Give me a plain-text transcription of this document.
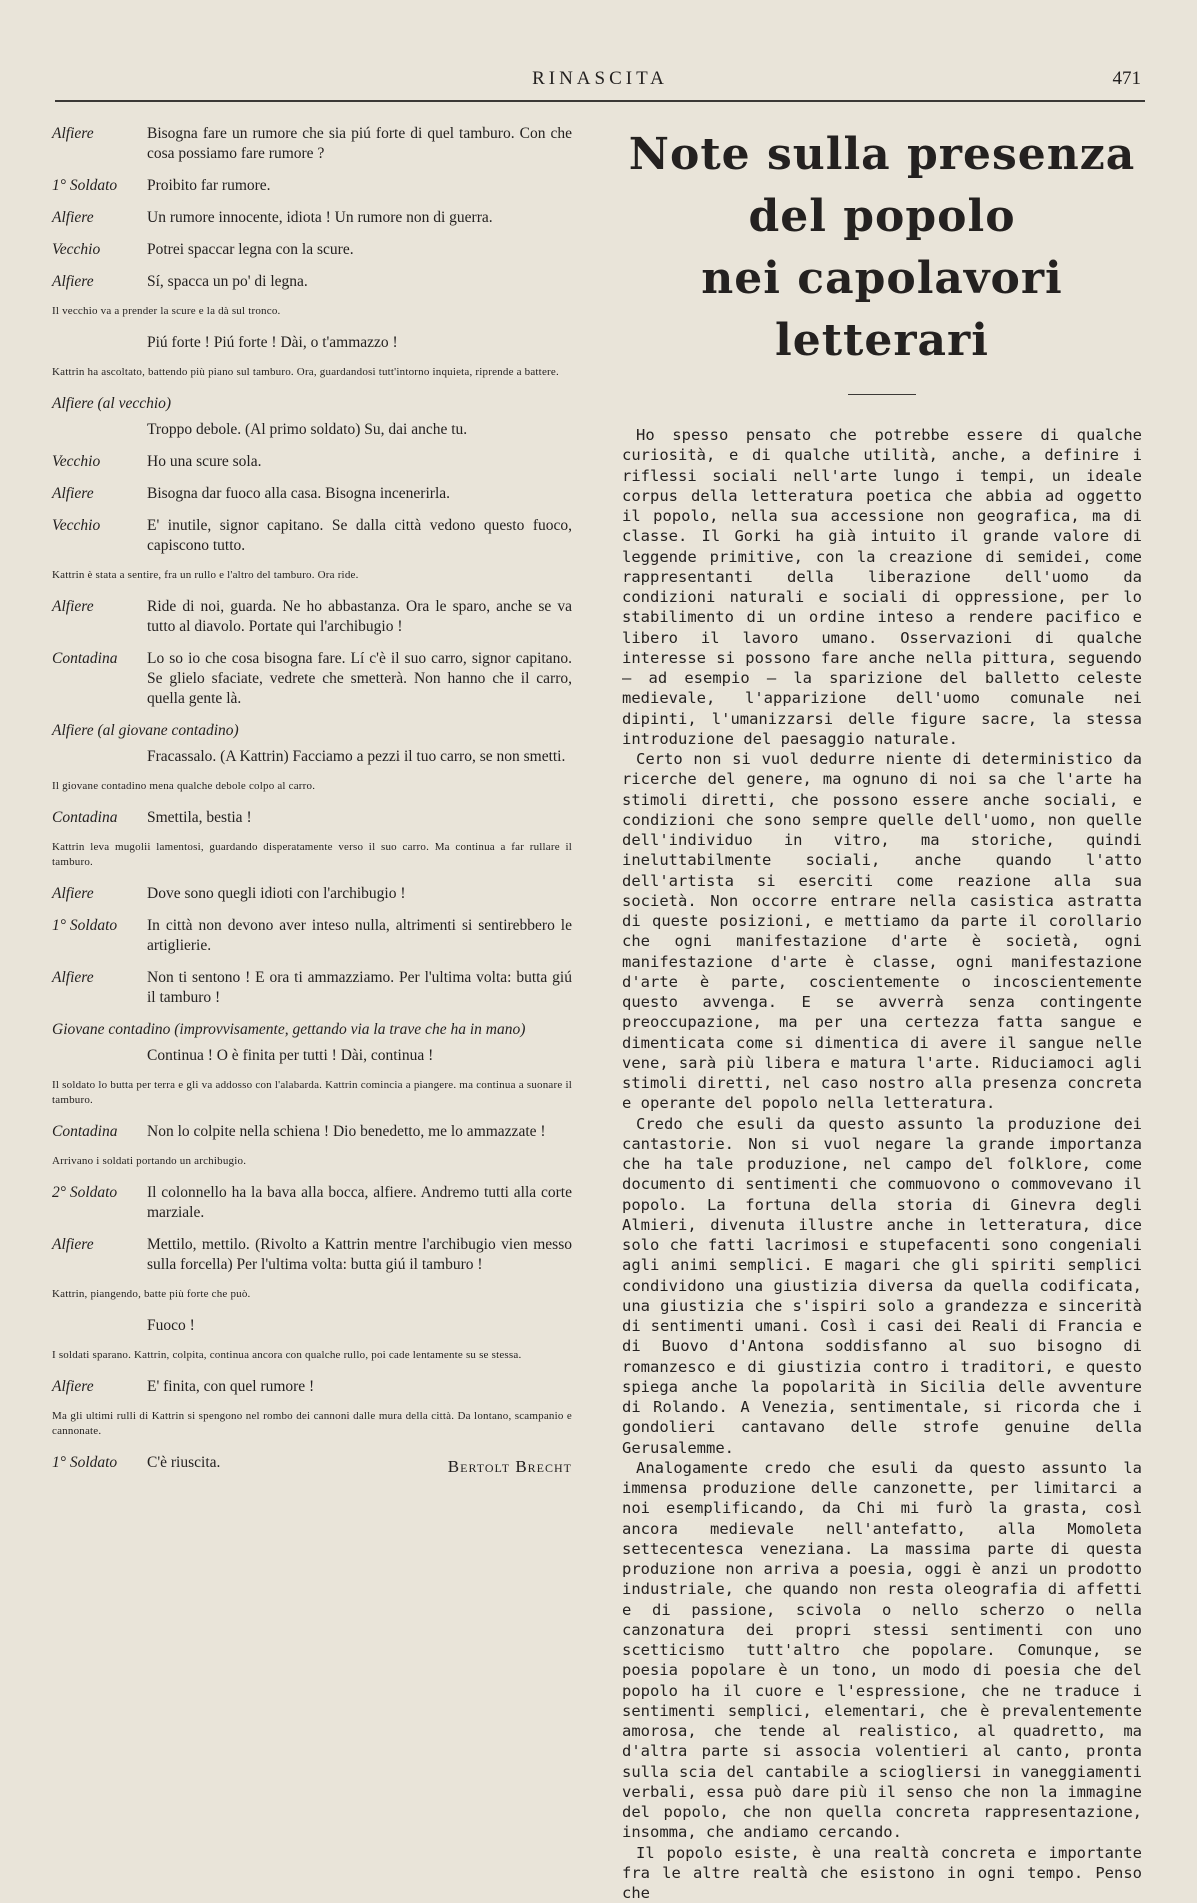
RINASCITA	471
Alfiere	Bisogna fare un rumore che sia piú forte di quel tamburo. Con che cosa possiamo fare rumore ?
1° Soldato	Proibito far rumore.
Alfiere	Un rumore innocente, idiota ! Un rumore non di guerra.
Vecchio	Potrei spaccar legna con la scure.
Alfiere	Sí, spacca un po' di legna.
Il vecchio va a prender la scure e la dà sul tronco.
Piú forte ! Piú forte ! Dài, o t'ammazzo !
Kattrin ha ascoltato, battendo più piano sul tamburo. Ora, guardandosi tutt'intorno inquieta, riprende a battere.
Alfiere (al vecchio)
Troppo debole. (Al primo soldato) Su, dai anche tu.
Vecchio	Ho una scure sola.
Alfiere	Bisogna dar fuoco alla casa. Bisogna incenerirla.
Vecchio	E' inutile, signor capitano. Se dalla città vedono questo fuoco, capiscono tutto.
Kattrin è stata a sentire, fra un rullo e l'altro del tamburo. Ora ride.
Alfiere	Ride di noi, guarda. Ne ho abbastanza. Ora le sparo, anche se va tutto al diavolo. Portate qui l'archibugio !
Contadina	Lo so io che cosa bisogna fare. Lí c'è il suo carro, signor capitano. Se glielo sfaciate, vedrete che smetterà. Non hanno che il carro, quella gente là.
Alfiere (al giovane contadino)
Fracassalo. (A Kattrin) Facciamo a pezzi il tuo carro, se non smetti.
Il giovane contadino mena qualche debole colpo al carro.
Contadina	Smettila, bestia !
Kattrin leva mugolii lamentosi, guardando disperatamente verso il suo carro. Ma continua a far rullare il tamburo.
Alfiere	Dove sono quegli idioti con l'archibugio !
1° Soldato	In città non devono aver inteso nulla, altrimenti si sentirebbero le artiglierie.
Alfiere	Non ti sentono ! E ora ti ammazziamo. Per l'ultima volta: butta giú il tamburo !
Giovane contadino (improvvisamente, gettando via la trave che ha in mano)
Continua ! O è finita per tutti ! Dài, continua !
Il soldato lo butta per terra e gli va addosso con l'alabarda. Kattrin comincia a piangere. ma continua a suonare il tamburo.
Contadina	Non lo colpite nella schiena ! Dio benedetto, me lo ammazzate !
Arrivano i soldati portando un archibugio.
2° Soldato	Il colonnello ha la bava alla bocca, alfiere. Andremo tutti alla corte marziale.
Alfiere	Mettilo, mettilo. (Rivolto a Kattrin mentre l'archibugio vien messo sulla forcella) Per l'ultima volta: butta giú il tamburo !
Kattrin, piangendo, batte più forte che può.
Fuoco !
I soldati sparano. Kattrin, colpita, continua ancora con qualche rullo, poi cade lentamente su se stessa.
Alfiere	E' finita, con quel rumore !
Ma gli ultimi rulli di Kattrin si spengono nel rombo dei cannoni dalle mura della città. Da lontano, scampanio e cannonate.
1° Soldato	C'è riuscita.	Bertolt Brecht
Note sulla presenza
del popolo
nei capolavori letterari

Ho spesso pensato che potrebbe essere di qualche curiosità, e di qualche utilità, anche, a definire i riflessi sociali nell'arte lungo i tempi, un ideale corpus della letteratura poetica che abbia ad oggetto il popolo, nella sua accessione non geografica, ma di classe. Il Gorki ha già intuito il grande valore di leggende primitive, con la creazione di semidei, come rappresentanti della liberazione dell'uomo da condizioni naturali e sociali di oppressione, per lo stabilimento di un ordine inteso a rendere pacifico e libero il lavoro umano. Osservazioni di qualche interesse si possono fare anche nella pittura, seguendo — ad esempio — la sparizione del balletto celeste medievale, l'apparizione dell'uomo comunale nei dipinti, l'umanizzarsi delle figure sacre, la stessa introduzione del paesaggio naturale.

Certo non si vuol dedurre niente di deterministico da ricerche del genere, ma ognuno di noi sa che l'arte ha stimoli diretti, che possono essere anche sociali, e condizioni che sono sempre quelle dell'uomo, non quelle dell'individuo in vitro, ma storiche, quindi ineluttabilmente sociali, anche quando l'atto dell'artista si eserciti come reazione alla sua società. Non occorre entrare nella casistica astratta di queste posizioni, e mettiamo da parte il corollario che ogni manifestazione d'arte è società, ogni manifestazione d'arte è classe, ogni manifestazione d'arte è parte, coscientemente o incoscientemente questo avvenga. E se avverrà senza contingente preoccupazione, ma per una certezza fatta sangue e dimenticata come si dimentica di avere il sangue nelle vene, sarà più libera e matura l'arte. Riduciamoci agli stimoli diretti, nel caso nostro alla presenza concreta e operante del popolo nella letteratura.

Credo che esuli da questo assunto la produzione dei cantastorie. Non si vuol negare la grande importanza che ha tale produzione, nel campo del folklore, come documento di sentimenti che commuovono o commovevano il popolo. La fortuna della storia di Ginevra degli Almieri, divenuta illustre anche in letteratura, dice solo che fatti lacrimosi e stupefacenti sono congeniali agli animi semplici. E magari che gli spiriti semplici condividono una giustizia diversa da quella codificata, una giustizia che s'ispiri solo a grandezza e sincerità di sentimenti umani. Così i casi dei Reali di Francia e di Buovo d'Antona soddisfanno al suo bisogno di romanzesco e di giustizia contro i traditori, e questo spiega anche la popolarità in Sicilia delle avventure di Rolando. A Venezia, sentimentale, si ricorda che i gondolieri cantavano delle strofe genuine della Gerusalemme.

Analogamente credo che esuli da questo assunto la immensa produzione delle canzonette, per limitarci a noi esemplificando, da Chi mi furò la grasta, così ancora medievale nell'antefatto, alla Momoleta settecentesca veneziana. La massima parte di questa produzione non arriva a poesia, oggi è anzi un prodotto industriale, che quando non resta oleografia di affetti e di passione, scivola o nello scherzo o nella canzonatura dei propri stessi sentimenti con uno scetticismo tutt'altro che popolare. Comunque, se poesia popolare è un tono, un modo di poesia che del popolo ha il cuore e l'espressione, che ne traduce i sentimenti semplici, elementari, che è prevalentemente amorosa, che tende al realistico, al quadretto, ma d'altra parte si associa volentieri al canto, pronta sulla scia del cantabile a sciogliersi in vaneggiamenti verbali, essa può dare più il senso che non la immagine del popolo, che non quella concreta rappresentazione, insomma, che andiamo cercando.

Il popolo esiste, è una realtà concreta e importante fra le altre realtà che esistono in ogni tempo. Penso che
